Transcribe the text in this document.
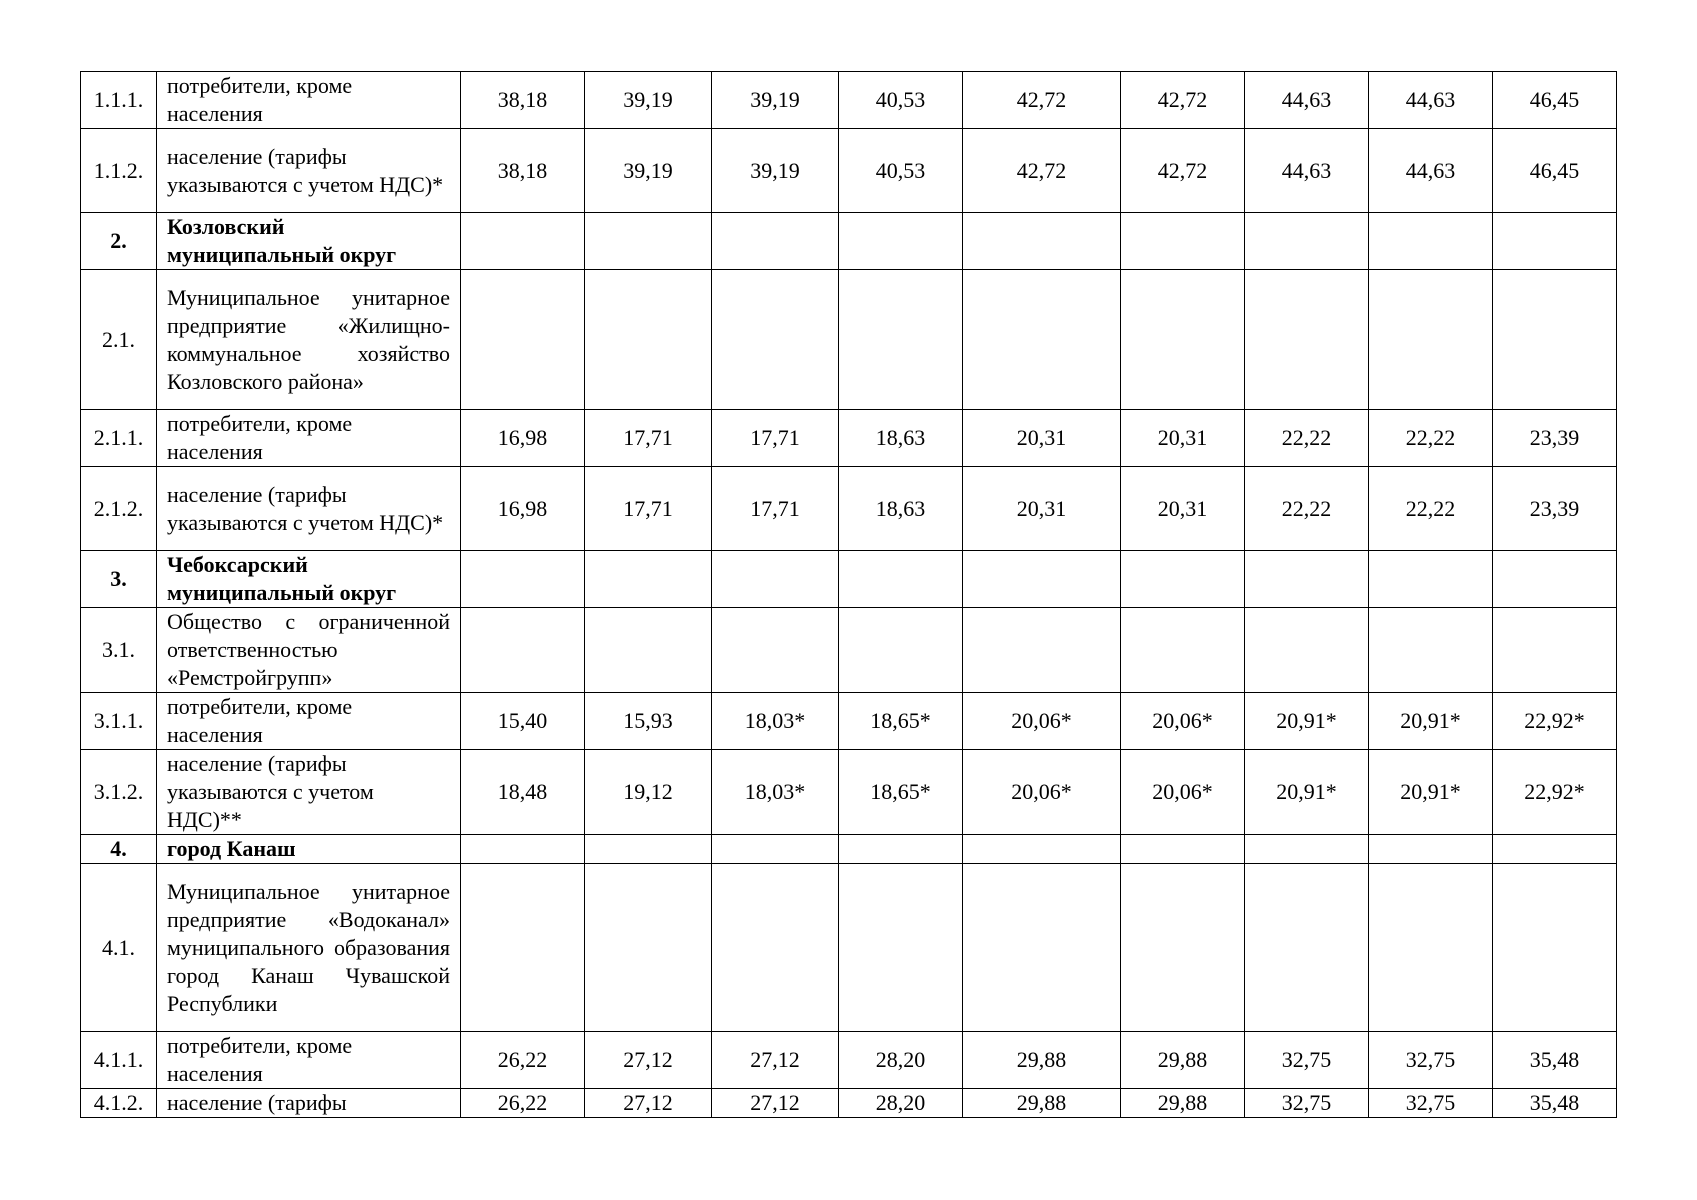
1.1.1.	потребители, кроме населения	38,18	39,19	39,19	40,53	42,72	42,72	44,63	44,63	46,45
1.1.2.	население (тарифы указываются с учетом НДС)*	38,18	39,19	39,19	40,53	42,72	42,72	44,63	44,63	46,45
2.	Козловский муниципальный округ									
2.1.	Муниципальное унитарное предприятие «Жилищно-коммунальное хозяйство Козловского района»									
2.1.1.	потребители, кроме населения	16,98	17,71	17,71	18,63	20,31	20,31	22,22	22,22	23,39
2.1.2.	население (тарифы указываются с учетом НДС)*	16,98	17,71	17,71	18,63	20,31	20,31	22,22	22,22	23,39
3.	Чебоксарский муниципальный округ									
3.1.	Общество с ограниченной ответственностью «Ремстройгрупп»									
3.1.1.	потребители, кроме населения	15,40	15,93	18,03*	18,65*	20,06*	20,06*	20,91*	20,91*	22,92*
3.1.2.	население (тарифы указываются с учетом НДС)**	18,48	19,12	18,03*	18,65*	20,06*	20,06*	20,91*	20,91*	22,92*
4.	город Канаш									
4.1.	Муниципальное унитарное предприятие «Водоканал» муниципального образования город Канаш Чувашской Республики									
4.1.1.	потребители, кроме населения	26,22	27,12	27,12	28,20	29,88	29,88	32,75	32,75	35,48
4.1.2.	население (тарифы	26,22	27,12	27,12	28,20	29,88	29,88	32,75	32,75	35,48
